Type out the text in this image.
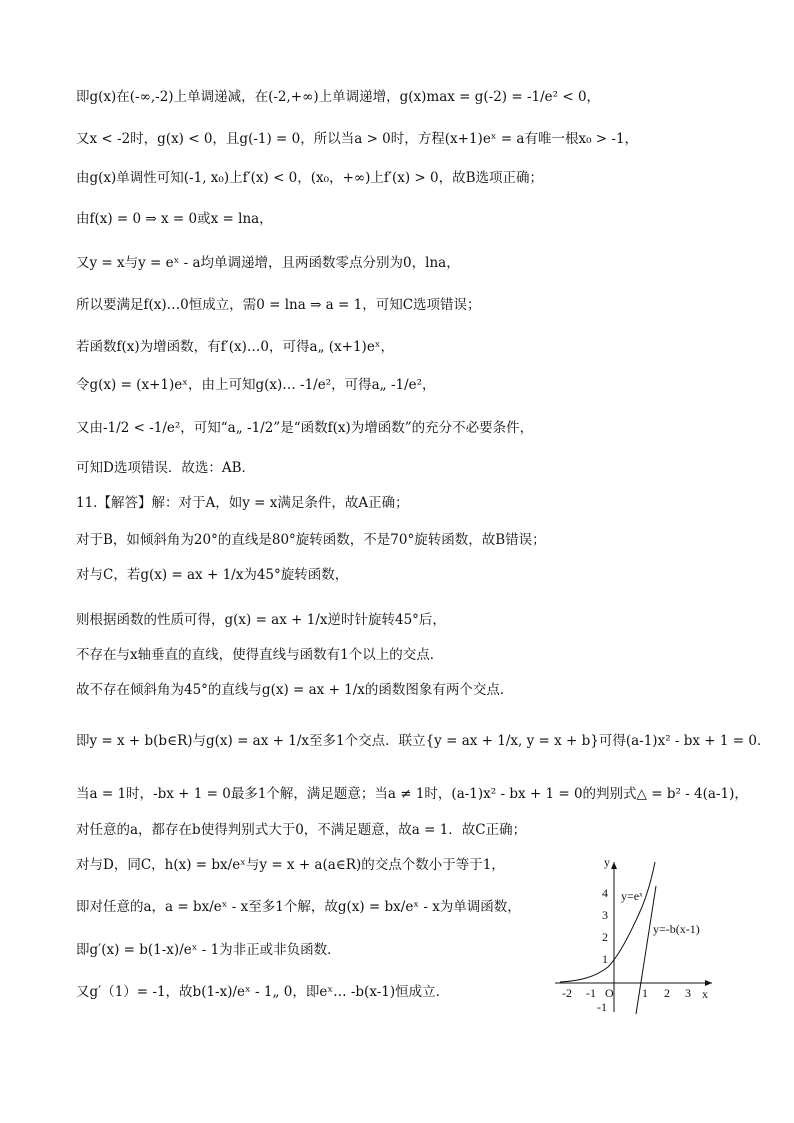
即g(x)在(-∞,-2)上单调递减，在(-2,+∞)上单调递增，g(x)max = g(-2) = -1/e² < 0，
又x < -2时，g(x) < 0，且g(-1) = 0，所以当a > 0时，方程(x+1)eˣ = a有唯一根x₀ > -1，
由g(x)单调性可知(-1, x₀)上f′(x) < 0，(x₀，+∞)上f′(x) > 0，故B选项正确；
由f(x) = 0 ⇒ x = 0或x = lna，
又y = x与y = eˣ - a均单调递增，且两函数零点分别为0，lna，
所以要满足f(x)…0恒成立，需0 = lna ⇒ a = 1，可知C选项错误；
若函数f(x)为增函数，有f′(x)…0，可得a„ (x+1)eˣ，
令g(x) = (x+1)eˣ，由上可知g(x)… -1/e²，可得a„ -1/e²，
又由-1/2 < -1/e²，可知“a„ -1/2”是“函数f(x)为增函数”的充分不必要条件，
可知D选项错误．故选：AB．
11.【解答】解：对于A，如y = x满足条件，故A正确；
对于B，如倾斜角为20°的直线是80°旋转函数，不是70°旋转函数，故B错误；
对与C，若g(x) = ax + 1/x为45°旋转函数，
则根据函数的性质可得，g(x) = ax + 1/x逆时针旋转45°后，
不存在与x轴垂直的直线，使得直线与函数有1个以上的交点．
故不存在倾斜角为45°的直线与g(x) = ax + 1/x的函数图象有两个交点．
即y = x + b(b∈R)与g(x) = ax + 1/x至多1个交点．联立{y = ax + 1/x, y = x + b}可得(a-1)x² - bx + 1 = 0．
当a = 1时，-bx + 1 = 0最多1个解，满足题意；当a ≠ 1时，(a-1)x² - bx + 1 = 0的判别式△ = b² - 4(a-1)，
对任意的a，都存在b使得判别式大于0，不满足题意，故a = 1．故C正确；
对与D，同C，h(x) = bx/eˣ与y = x + a(a∈R)的交点个数小于等于1，
即对任意的a，a = bx/eˣ - x至多1个解，故g(x) = bx/eˣ - x为单调函数，
即g′(x) = b(1-x)/eˣ - 1为非正或非负函数．
又g′（1）= -1，故b(1-x)/eˣ - 1„ 0，即eˣ… -b(x-1)恒成立．
y
x
O
y=eˣ
y=-b(x-1)
-2 -1	1 2 3
4
3
2
1
-1
